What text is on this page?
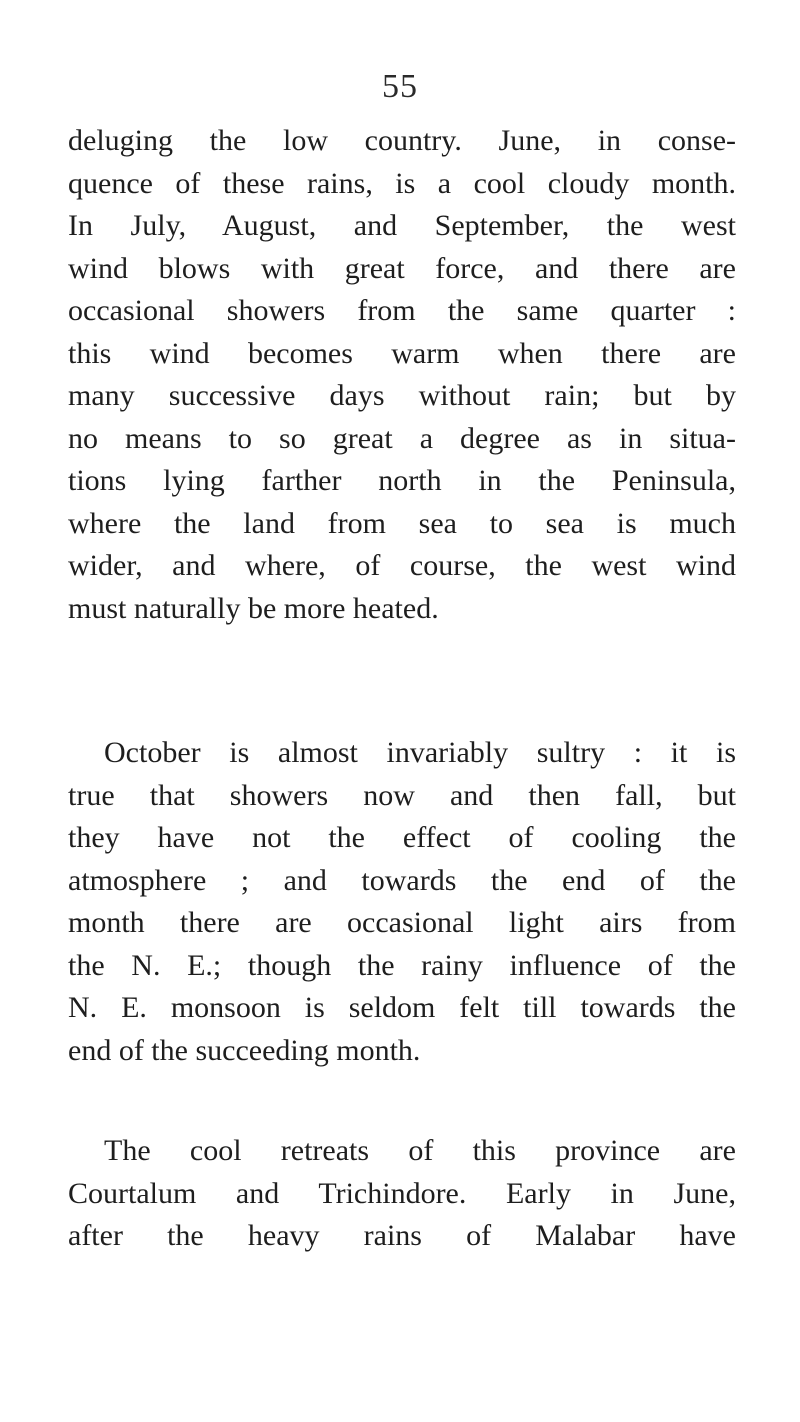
55
deluging the low country. June, in conse-
quence of these rains, is a cool cloudy month.
In July, August, and September, the west
wind blows with great force, and there are
occasional showers from the same quarter :
this wind becomes warm when there are
many successive days without rain; but by
no means to so great a degree as in situa-
tions lying farther north in the Peninsula,
where the land from sea to sea is much
wider, and where, of course, the west wind
must naturally be more heated.
October is almost invariably sultry : it is
true that showers now and then fall, but
they have not the effect of cooling the
atmosphere ; and towards the end of the
month there are occasional light airs from
the N. E.; though the rainy influence of the
N. E. monsoon is seldom felt till towards the
end of the succeeding month.
The cool retreats of this province are
Courtalum and Trichindore. Early in June,
after the heavy rains of Malabar have
